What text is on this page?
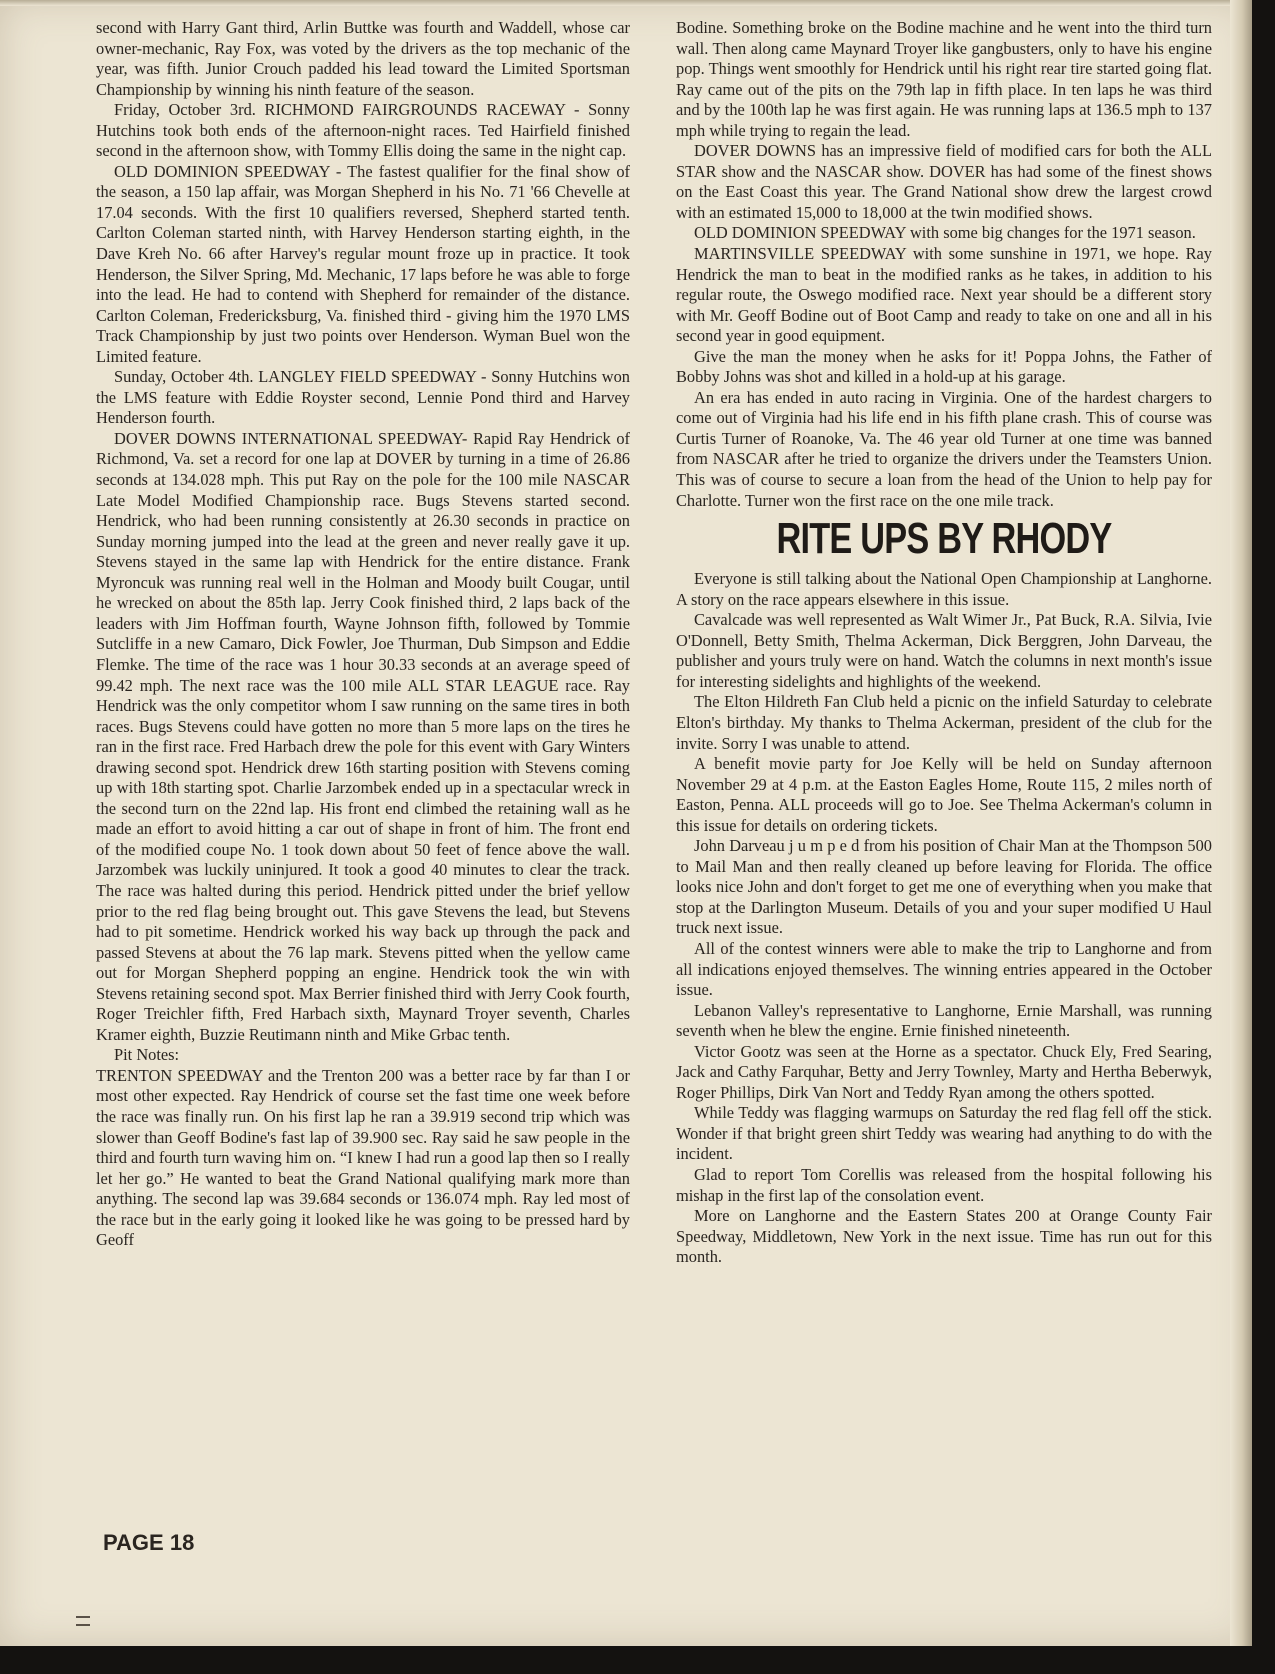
second with Harry Gant third, Arlin Buttke was fourth and Waddell, whose car owner-mechanic, Ray Fox, was voted by the drivers as the top mechanic of the year, was fifth. Junior Crouch padded his lead toward the Limited Sportsman Championship by winning his ninth feature of the season.

Friday, October 3rd. RICHMOND FAIRGROUNDS RACEWAY - Sonny Hutchins took both ends of the afternoon-night races. Ted Hairfield finished second in the afternoon show, with Tommy Ellis doing the same in the night cap.

OLD DOMINION SPEEDWAY - The fastest qualifier for the final show of the season, a 150 lap affair, was Morgan Shepherd in his No. 71 '66 Chevelle at 17.04 seconds. With the first 10 qualifiers reversed, Shepherd started tenth. Carlton Coleman started ninth, with Harvey Henderson starting eighth, in the Dave Kreh No. 66 after Harvey's regular mount froze up in practice. It took Henderson, the Silver Spring, Md. Mechanic, 17 laps before he was able to forge into the lead. He had to contend with Shepherd for remainder of the distance. Carlton Coleman, Fredericksburg, Va. finished third - giving him the 1970 LMS Track Championship by just two points over Henderson. Wyman Buel won the Limited feature.

Sunday, October 4th. LANGLEY FIELD SPEEDWAY - Sonny Hutchins won the LMS feature with Eddie Royster second, Lennie Pond third and Harvey Henderson fourth.

DOVER DOWNS INTERNATIONAL SPEEDWAY- Rapid Ray Hendrick of Richmond, Va. set a record for one lap at DOVER by turning in a time of 26.86 seconds at 134.028 mph. This put Ray on the pole for the 100 mile NASCAR Late Model Modified Championship race. Bugs Stevens started second. Hendrick, who had been running consistently at 26.30 seconds in practice on Sunday morning jumped into the lead at the green and never really gave it up. Stevens stayed in the same lap with Hendrick for the entire distance. Frank Myroncuk was running real well in the Holman and Moody built Cougar, until he wrecked on about the 85th lap. Jerry Cook finished third, 2 laps back of the leaders with Jim Hoffman fourth, Wayne Johnson fifth, followed by Tommie Sutcliffe in a new Camaro, Dick Fowler, Joe Thurman, Dub Simpson and Eddie Flemke. The time of the race was 1 hour 30.33 seconds at an average speed of 99.42 mph. The next race was the 100 mile ALL STAR LEAGUE race. Ray Hendrick was the only competitor whom I saw running on the same tires in both races. Bugs Stevens could have gotten no more than 5 more laps on the tires he ran in the first race. Fred Harbach drew the pole for this event with Gary Winters drawing second spot. Hendrick drew 16th starting position with Stevens coming up with 18th starting spot. Charlie Jarzombek ended up in a spectacular wreck in the second turn on the 22nd lap. His front end climbed the retaining wall as he made an effort to avoid hitting a car out of shape in front of him. The front end of the modified coupe No. 1 took down about 50 feet of fence above the wall. Jarzombek was luckily uninjured. It took a good 40 minutes to clear the track. The race was halted during this period. Hendrick pitted under the brief yellow prior to the red flag being brought out. This gave Stevens the lead, but Stevens had to pit sometime. Hendrick worked his way back up through the pack and passed Stevens at about the 76 lap mark. Stevens pitted when the yellow came out for Morgan Shepherd popping an engine. Hendrick took the win with Stevens retaining second spot. Max Berrier finished third with Jerry Cook fourth, Roger Treichler fifth, Fred Harbach sixth, Maynard Troyer seventh, Charles Kramer eighth, Buzzie Reutimann ninth and Mike Grbac tenth.

Pit Notes:

TRENTON SPEEDWAY and the Trenton 200 was a better race by far than I or most other expected. Ray Hendrick of course set the fast time one week before the race was finally run. On his first lap he ran a 39.919 second trip which was slower than Geoff Bodine's fast lap of 39.900 sec. Ray said he saw people in the third and fourth turn waving him on. “I knew I had run a good lap then so I really let her go.” He wanted to beat the Grand National qualifying mark more than anything. The second lap was 39.684 seconds or 136.074 mph. Ray led most of the race but in the early going it looked like he was going to be pressed hard by Geoff

Bodine. Something broke on the Bodine machine and he went into the third turn wall. Then along came Maynard Troyer like gangbusters, only to have his engine pop. Things went smoothly for Hendrick until his right rear tire started going flat. Ray came out of the pits on the 79th lap in fifth place. In ten laps he was third and by the 100th lap he was first again. He was running laps at 136.5 mph to 137 mph while trying to regain the lead.

DOVER DOWNS has an impressive field of modified cars for both the ALL STAR show and the NASCAR show. DOVER has had some of the finest shows on the East Coast this year. The Grand National show drew the largest crowd with an estimated 15,000 to 18,000 at the twin modified shows.

OLD DOMINION SPEEDWAY with some big changes for the 1971 season.

MARTINSVILLE SPEEDWAY with some sunshine in 1971, we hope. Ray Hendrick the man to beat in the modified ranks as he takes, in addition to his regular route, the Oswego modified race. Next year should be a different story with Mr. Geoff Bodine out of Boot Camp and ready to take on one and all in his second year in good equipment.

Give the man the money when he asks for it! Poppa Johns, the Father of Bobby Johns was shot and killed in a hold-up at his garage.

An era has ended in auto racing in Virginia. One of the hardest chargers to come out of Virginia had his life end in his fifth plane crash. This of course was Curtis Turner of Roanoke, Va. The 46 year old Turner at one time was banned from NASCAR after he tried to organize the drivers under the Teamsters Union. This was of course to secure a loan from the head of the Union to help pay for Charlotte. Turner won the first race on the one mile track.

RITE UPS BY RHODY

Everyone is still talking about the National Open Championship at Langhorne. A story on the race appears elsewhere in this issue.

Cavalcade was well represented as Walt Wimer Jr., Pat Buck, R.A. Silvia, Ivie O'Donnell, Betty Smith, Thelma Ackerman, Dick Berggren, John Darveau, the publisher and yours truly were on hand. Watch the columns in next month's issue for interesting sidelights and highlights of the weekend.

The Elton Hildreth Fan Club held a picnic on the infield Saturday to celebrate Elton's birthday. My thanks to Thelma Ackerman, president of the club for the invite. Sorry I was unable to attend.

A benefit movie party for Joe Kelly will be held on Sunday afternoon November 29 at 4 p.m. at the Easton Eagles Home, Route 115, 2 miles north of Easton, Penna. ALL proceeds will go to Joe. See Thelma Ackerman's column in this issue for details on ordering tickets.

John Darveau j u m p e d from his position of Chair Man at the Thompson 500 to Mail Man and then really cleaned up before leaving for Florida. The office looks nice John and don't forget to get me one of everything when you make that stop at the Darlington Museum. Details of you and your super modified U Haul truck next issue.

All of the contest winners were able to make the trip to Langhorne and from all indications enjoyed themselves. The winning entries appeared in the October issue.

Lebanon Valley's representative to Langhorne, Ernie Marshall, was running seventh when he blew the engine. Ernie finished nineteenth.

Victor Gootz was seen at the Horne as a spectator. Chuck Ely, Fred Searing, Jack and Cathy Farquhar, Betty and Jerry Townley, Marty and Hertha Beberwyk, Roger Phillips, Dirk Van Nort and Teddy Ryan among the others spotted.

While Teddy was flagging warmups on Saturday the red flag fell off the stick. Wonder if that bright green shirt Teddy was wearing had anything to do with the incident.

Glad to report Tom Corellis was released from the hospital following his mishap in the first lap of the consolation event.

More on Langhorne and the Eastern States 200 at Orange County Fair Speedway, Middletown, New York in the next issue. Time has run out for this month.

PAGE 18
